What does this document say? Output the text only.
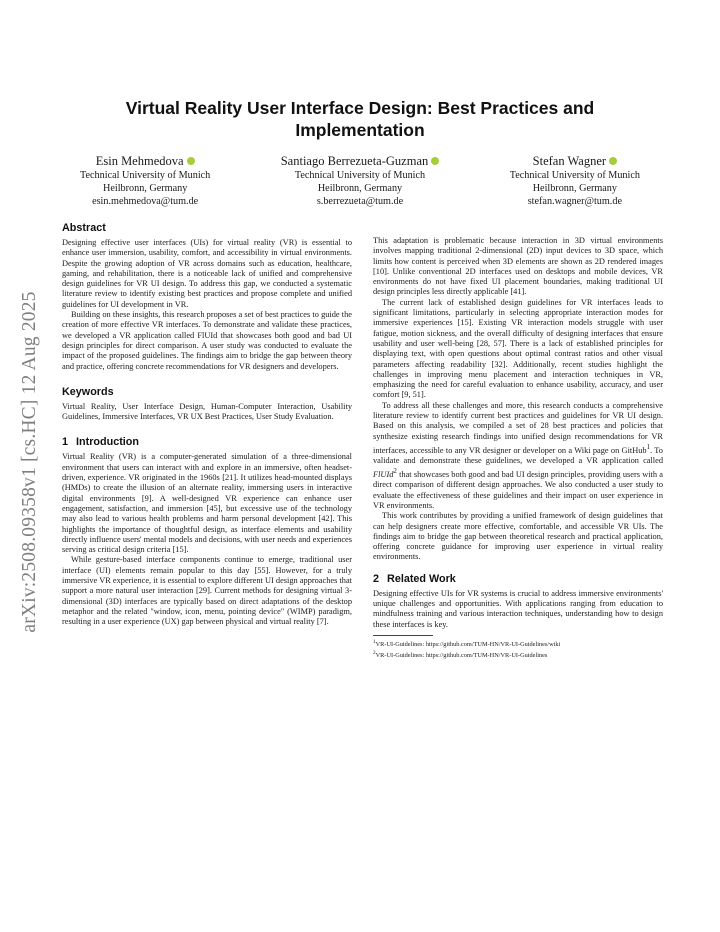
arXiv:2508.09358v1 [cs.HC] 12 Aug 2025
Virtual Reality User Interface Design: Best Practices and Implementation
Esin Mehmedova
Technical University of Munich
Heilbronn, Germany
esin.mehmedova@tum.de
Santiago Berrezueta-Guzman
Technical University of Munich
Heilbronn, Germany
s.berrezueta@tum.de
Stefan Wagner
Technical University of Munich
Heilbronn, Germany
stefan.wagner@tum.de
Abstract

Designing effective user interfaces (UIs) for virtual reality (VR) is essential to enhance user immersion, usability, comfort, and accessibility in virtual environments. Despite the growing adoption of VR across domains such as education, healthcare, gaming, and rehabilitation, there is a noticeable lack of unified and comprehensive design guidelines for VR UI design. To address this gap, we conducted a systematic literature review to identify existing best practices and propose complete and unified guidelines for UI development in VR.

Building on these insights, this research proposes a set of best practices to guide the creation of more effective VR interfaces. To demonstrate and validate these practices, we developed a VR application called FlUId that showcases both good and bad UI design principles for direct comparison. A user study was conducted to evaluate the impact of the proposed guidelines. The findings aim to bridge the gap between theory and practice, offering concrete recommendations for VR designers and developers.

Keywords

Virtual Reality, User Interface Design, Human-Computer Interaction, Usability Guidelines, Immersive Interfaces, VR UX Best Practices, User Study Evaluation.

1 Introduction

Virtual Reality (VR) is a computer-generated simulation of a three-dimensional environment that users can interact with and explore in an immersive, often headset-driven, experience. VR originated in the 1960s [21]. It utilizes head-mounted displays (HMDs) to create the illusion of an alternate reality, immersing users in interactive digital environments [9]. A well-designed VR experience can enhance user engagement, satisfaction, and immersion [45], but excessive use of the technology may also lead to various health problems and harm personal development [42]. This highlights the importance of thoughtful design, as interface elements and usability directly influence users' mental models and decisions, with user needs and experiences serving as critical design criteria [15].

While gesture-based interface components continue to emerge, traditional user interface (UI) elements remain popular to this day [55]. However, for a truly immersive VR experience, it is essential to explore different UI design approaches that support a more natural user interaction [29]. Current methods for designing virtual 3-dimensional (3D) interfaces are typically based on direct adaptations of the desktop metaphor and the related "window, icon, menu, pointing device" (WIMP) paradigm, resulting in a user experience (UX) gap between physical and virtual reality [7].

This adaptation is problematic because interaction in 3D virtual environments involves mapping traditional 2-dimensional (2D) input devices to 3D space, which limits how content is perceived when 3D elements are shown as 2D rendered images [10]. Unlike conventional 2D interfaces used on desktops and mobile devices, VR environments do not have fixed UI placement boundaries, making traditional UI design principles less directly applicable [41].

The current lack of established design guidelines for VR interfaces leads to significant limitations, particularly in selecting appropriate interaction modes for immersive experiences [15]. Existing VR interaction models struggle with user fatigue, motion sickness, and the overall difficulty of designing interfaces that ensure usability and user well-being [28, 57]. There is a lack of established principles for displaying text, with open questions about optimal contrast ratios and other visual parameters affecting readability [32]. Additionally, recent studies highlight the challenges in improving menu placement and interaction techniques in VR, emphasizing the need for careful evaluation to enhance usability, accuracy, and user comfort [9, 51].

To address all these challenges and more, this research conducts a comprehensive literature review to identify current best practices and guidelines for VR UI design. Based on this analysis, we compiled a set of 28 best practices and policies that synthesize existing research findings into unified design recommendations for VR interfaces, accessible to any VR designer or developer on a Wiki page on GitHub$^1$. To validate and demonstrate these guidelines, we developed a VR application called FlUId$^2$ that showcases both good and bad UI design principles, providing users with a direct comparison of different design approaches. We also conducted a user study to evaluate the effectiveness of these guidelines and their impact on user experience in VR environments.

This work contributes by providing a unified framework of design guidelines that can help designers create more effective, comfortable, and accessible VR UIs. The findings aim to bridge the gap between theoretical research and practical application, offering concrete guidance for improving user experience in virtual reality environments.

2 Related Work

Designing effective UIs for VR systems is crucial to address immersive environments' unique challenges and opportunities. With applications ranging from education to mindfulness training and various interaction techniques, understanding how to design these interfaces is key.

$^1$VR-UI-Guidelines: https://github.com/TUM-HN/VR-UI-Guidelines/wiki

$^2$VR-UI-Guidelines: https://github.com/TUM-HN/VR-UI-Guidelines
